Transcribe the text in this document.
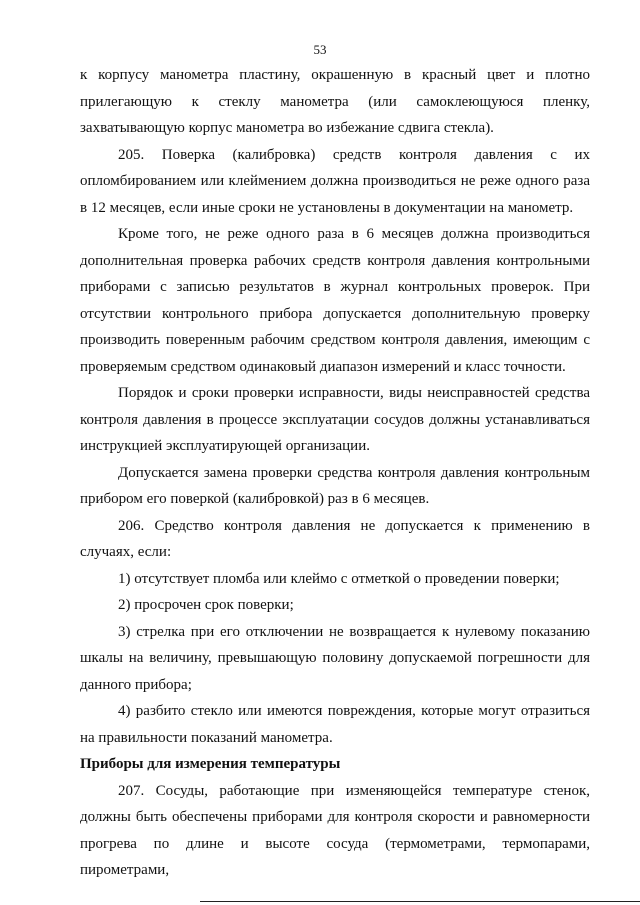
53

к корпусу манометра пластину, окрашенную в красный цвет и плотно прилегающую к стеклу манометра (или самоклеющуюся пленку, захватывающую корпус манометра во избежание сдвига стекла).

205. Поверка (калибровка) средств контроля давления с их опломбированием или клеймением должна производиться не реже одного раза в 12 месяцев, если иные сроки не установлены в документации на манометр.

Кроме того, не реже одного раза в 6 месяцев должна производиться дополнительная проверка рабочих средств контроля давления контрольными приборами с записью результатов в журнал контрольных проверок. При отсутствии контрольного прибора допускается дополнительную проверку производить поверенным рабочим средством контроля давления, имеющим с проверяемым средством одинаковый диапазон измерений и класс точности.

Порядок и сроки проверки исправности, виды неисправностей средства контроля давления в процессе эксплуатации сосудов должны устанавливаться инструкцией эксплуатирующей организации.

Допускается замена проверки средства контроля давления контрольным прибором его поверкой (калибровкой) раз в 6 месяцев.

206. Средство контроля давления не допускается к применению в случаях, если:

1) отсутствует пломба или клеймо с отметкой о проведении поверки;

2) просрочен срок поверки;

3) стрелка при его отключении не возвращается к нулевому показанию шкалы на величину, превышающую половину допускаемой погрешности для данного прибора;

4) разбито стекло или имеются повреждения, которые могут отразиться на правильности показаний манометра.

Приборы для измерения температуры

207. Сосуды, работающие при изменяющейся температуре стенок, должны быть обеспечены приборами для контроля скорости и равномерности прогрева по длине и высоте сосуда (термометрами, термопарами, пирометрами,
